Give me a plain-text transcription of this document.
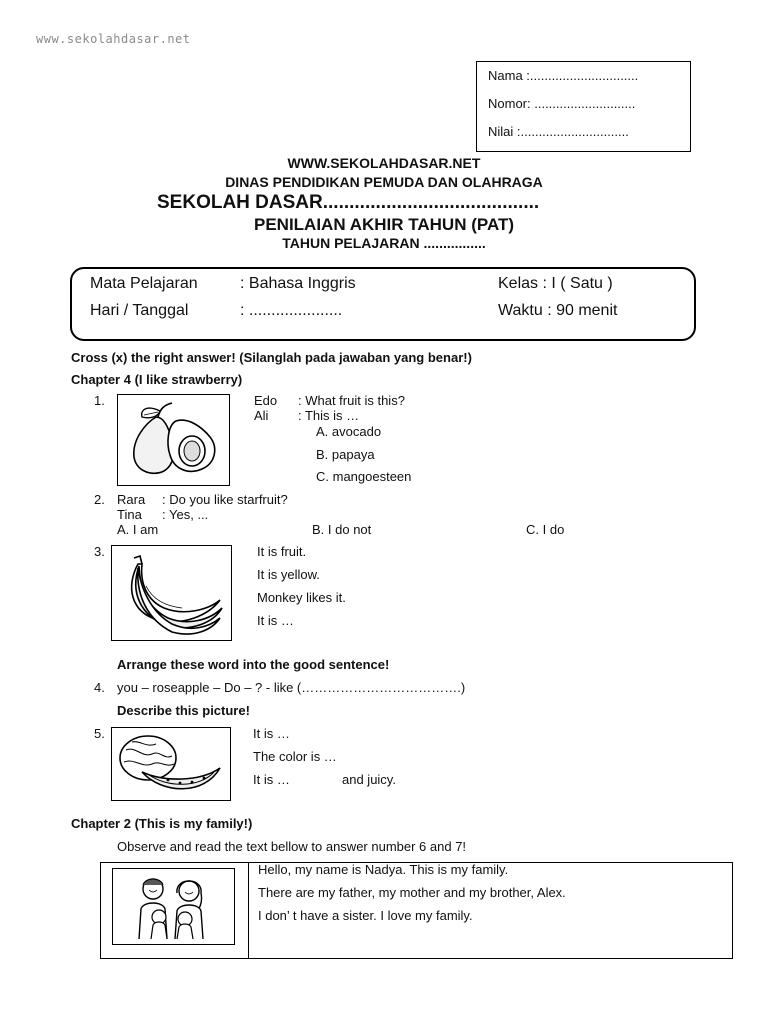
www.sekolahdasar.net
Nama :..............................
Nomor: ............................
Nilai :..............................
WWW.SEKOLAHDASAR.NET
DINAS PENDIDIKAN PEMUDA DAN OLAHRAGA
SEKOLAH DASAR.........................................
PENILAIAN AKHIR TAHUN (PAT)
TAHUN PELAJARAN ................
Mata Pelajaran	: Bahasa Inggris	Kelas : I ( Satu )
Hari / Tanggal	: .....................	Waktu : 90 menit
Cross (x) the right answer! (Silanglah pada jawaban yang benar!)
Chapter 4 (I like strawberry)
1.	Edo : What fruit is this?
Ali : This is …
A. avocado
B. papaya
C. mangoesteen
2. Rara : Do you like starfruit?
Tina : Yes, ...
A. I am	B. I do not	C. I do
3.	It is fruit.
It is yellow.
Monkey likes it.
It is …
Arrange these word into the good sentence!
4. you – roseapple – Do – ? - like (……………………………….)
Describe this picture!
5.	It is …
The color is …
It is …	and juicy.
Chapter 2 (This is my family!)
Observe and read the text bellow to answer number 6 and 7!
Hello, my name is Nadya. This is my family.
There are my father, my mother and my brother, Alex.
I don’ t have a sister. I love my family.
